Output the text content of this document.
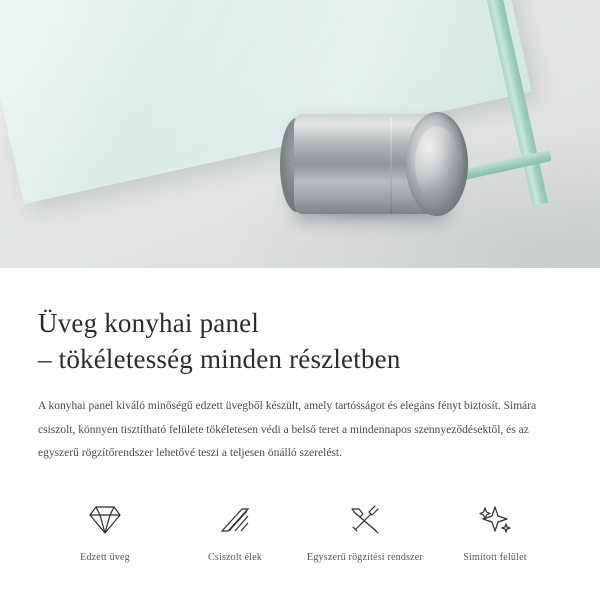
Üveg konyhai panel
– tökéletesség minden részletben

A konyhai panel kiváló minőségű edzett üvegből készült, amely tartósságot és elegáns fényt biztosít. Simára csiszolt, könnyen tisztítható felülete tökéletesen védi a belső teret a mindennapos szennyeződésektől, és az egyszerű rögzítőrendszer lehetővé teszi a teljesen önálló szerelést.

Edzett üveg	Csiszolt élek	Egyszerű rögzítési rendszer	Simított felület
